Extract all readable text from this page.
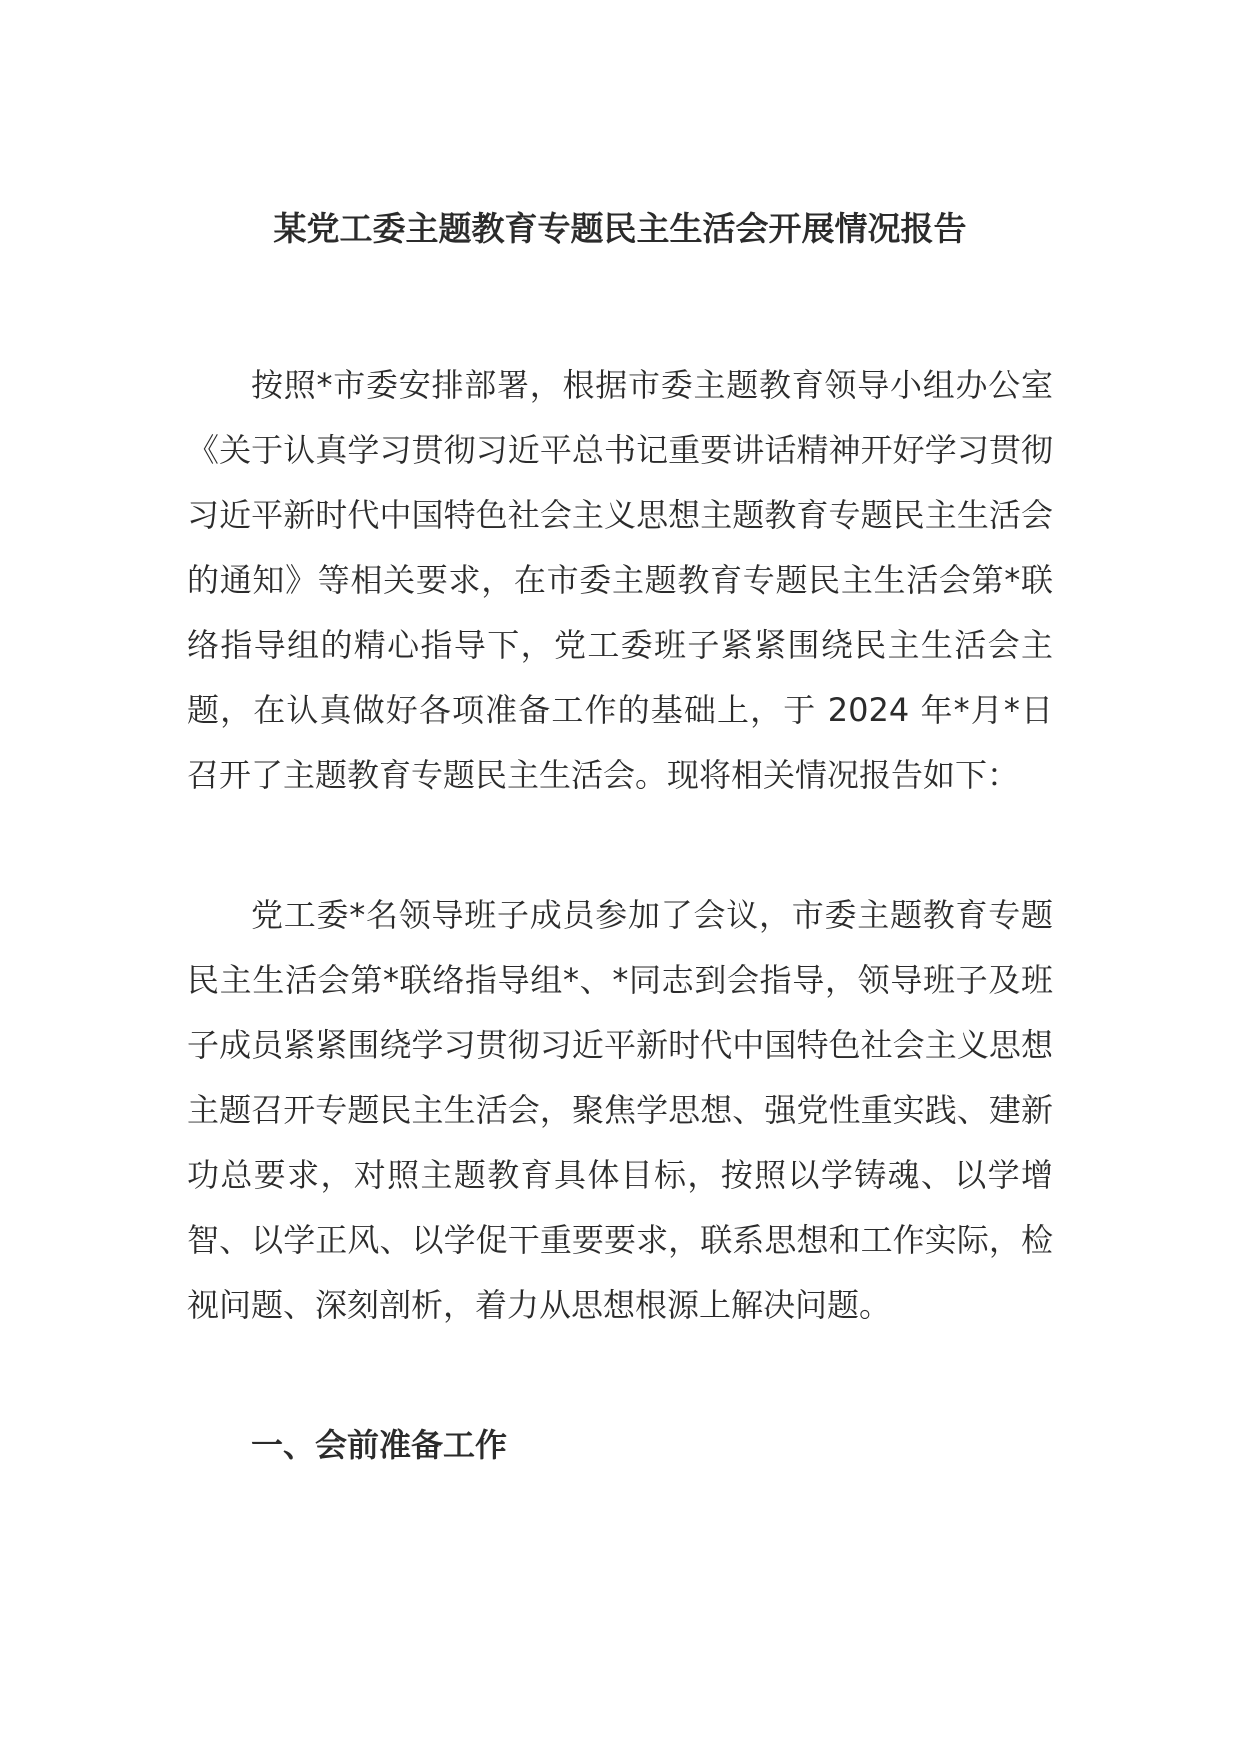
某党工委主题教育专题民主生活会开展情况报告

按照*市委安排部署，根据市委主题教育领导小组办公室《关于认真学习贯彻习近平总书记重要讲话精神开好学习贯彻习近平新时代中国特色社会主义思想主题教育专题民主生活会的通知》等相关要求，在市委主题教育专题民主生活会第*联络指导组的精心指导下，党工委班子紧紧围绕民主生活会主题，在认真做好各项准备工作的基础上，于 2024 年*月*日召开了主题教育专题民主生活会。现将相关情况报告如下：

党工委*名领导班子成员参加了会议，市委主题教育专题民主生活会第*联络指导组*、*同志到会指导，领导班子及班子成员紧紧围绕学习贯彻习近平新时代中国特色社会主义思想主题召开专题民主生活会，聚焦学思想、强党性重实践、建新功总要求，对照主题教育具体目标，按照以学铸魂、以学增智、以学正风、以学促干重要要求，联系思想和工作实际，检视问题、深刻剖析，着力从思想根源上解决问题。

一、会前准备工作
